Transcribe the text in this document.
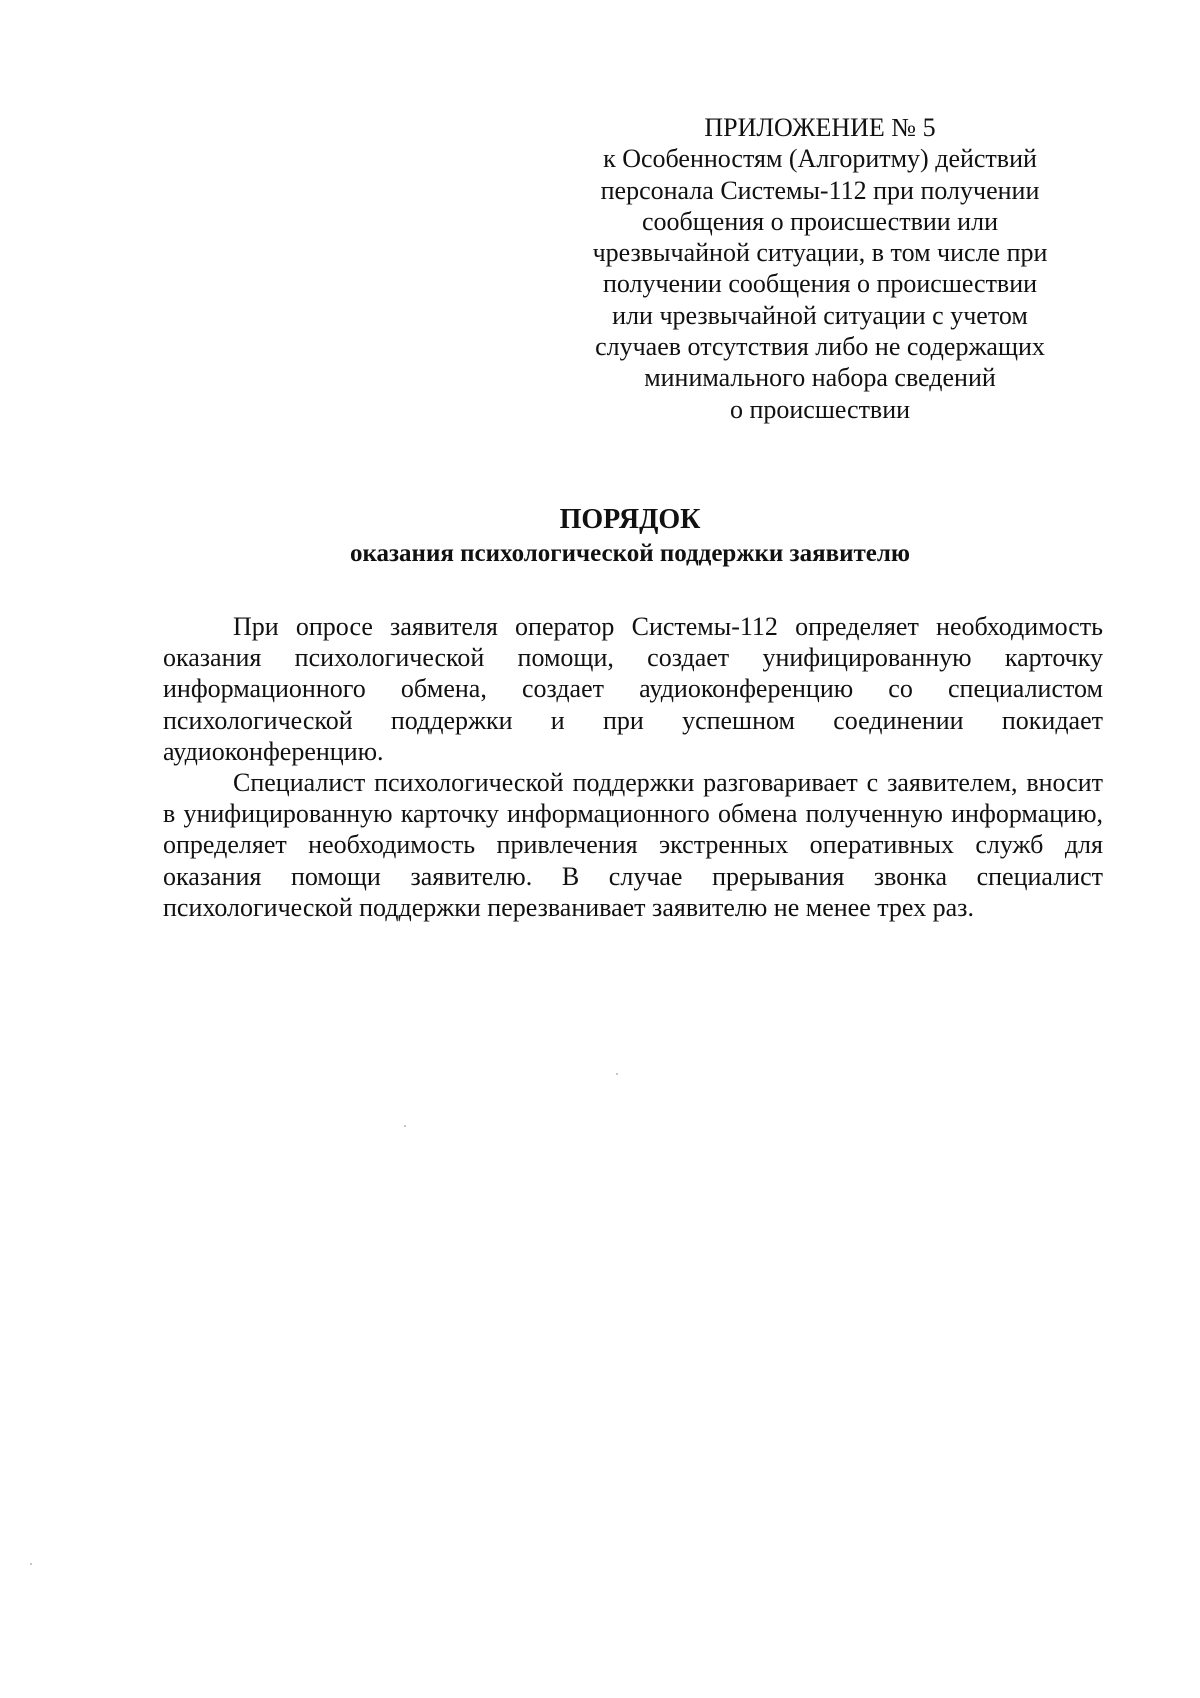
ПРИЛОЖЕНИЕ № 5
к Особенностям (Алгоритму) действий
персонала Системы-112 при получении
сообщения о происшествии или
чрезвычайной ситуации, в том числе при
получении сообщения о происшествии
или чрезвычайной ситуации с учетом
случаев отсутствия либо не содержащих
минимального набора сведений
о происшествии
ПОРЯДОК
оказания психологической поддержки заявителю

При опросе заявителя оператор Системы-112 определяет необходимость оказания психологической помощи, создает унифицированную карточку информационного обмена, создает аудиоконференцию со специалистом психологической поддержки и при успешном соединении покидает аудиоконференцию.

Специалист психологической поддержки разговаривает с заявителем, вносит в унифицированную карточку информационного обмена полученную информацию, определяет необходимость привлечения экстренных оперативных служб для оказания помощи заявителю. В случае прерывания звонка специалист психологической поддержки перезванивает заявителю не менее трех раз.
